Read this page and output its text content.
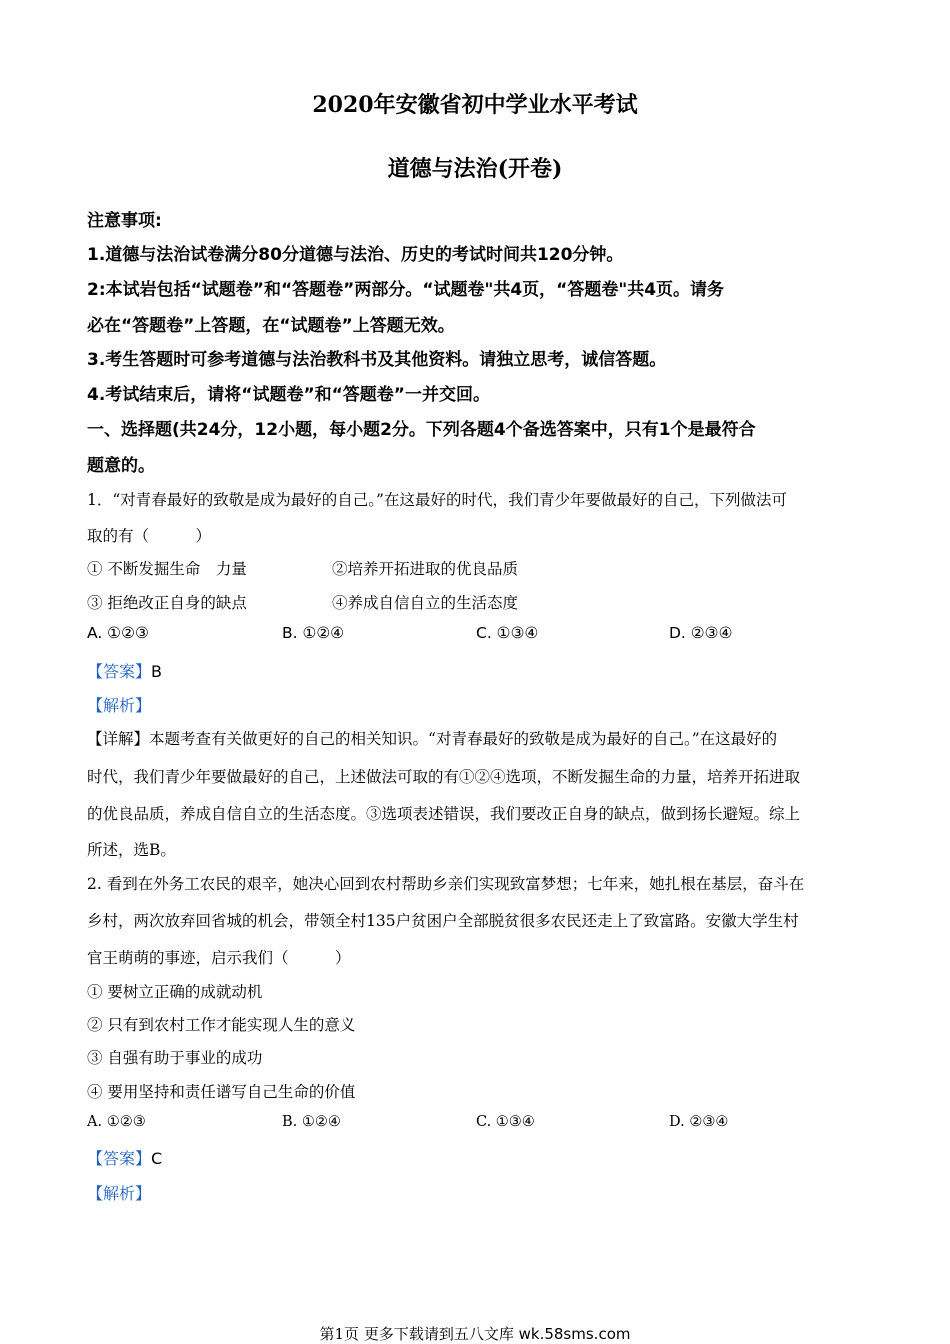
2020年安徽省初中学业水平考试
道德与法治(开卷)
注意事项:
1.道德与法治试卷满分80分道德与法治、历史的考试时间共120分钟。
2:本试岩包括“试题卷”和“答题卷”两部分。“试题卷"共4页，“答题卷"共4页。请务
必在“答题卷”上答题，在“试题卷”上答题无效。
3.考生答题时可参考道德与法治教科书及其他资料。请独立思考，诚信答题。
4.考试结束后，请将“试题卷”和“答题卷”一并交回。
一、选择题(共24分，12小题，每小题2分。下列各题4个备选答案中，只有1个是最符合
题意的。
1．“对青春最好的致敬是成为最好的自己。”在这最好的时代，我们青少年要做最好的自己，下列做法可
取的有（　　　）
① 不断发掘生命　力量	②培养开拓进取的优良品质
③ 拒绝改正自身的缺点	④养成自信自立的生活态度
A. ①②③	B. ①②④	C. ①③④	D. ②③④
【答案】B
【解析】
【详解】本题考查有关做更好的自己的相关知识。“对青春最好的致敬是成为最好的自己。”在这最好的
时代，我们青少年要做最好的自己，上述做法可取的有①②④选项，不断发掘生命的力量，培养开拓进取
的优良品质，养成自信自立的生活态度。③选项表述错误，我们要改正自身的缺点，做到扬长避短。综上
所述，选B。
2. 看到在外务工农民的艰辛，她决心回到农村帮助乡亲们实现致富梦想；七年来，她扎根在基层，奋斗在
乡村，两次放弃回省城的机会，带领全村135户贫困户全部脱贫很多农民还走上了致富路。安徽大学生村
官王萌萌的事迹，启示我们（　　　）
① 要树立正确的成就动机
② 只有到农村工作才能实现人生的意义
③ 自强有助于事业的成功
④ 要用坚持和责任谱写自己生命的价值
A. ①②③	B. ①②④	C. ①③④	D. ②③④
【答案】C
【解析】
第1页 更多下载请到五八文库 wk.58sms.com
